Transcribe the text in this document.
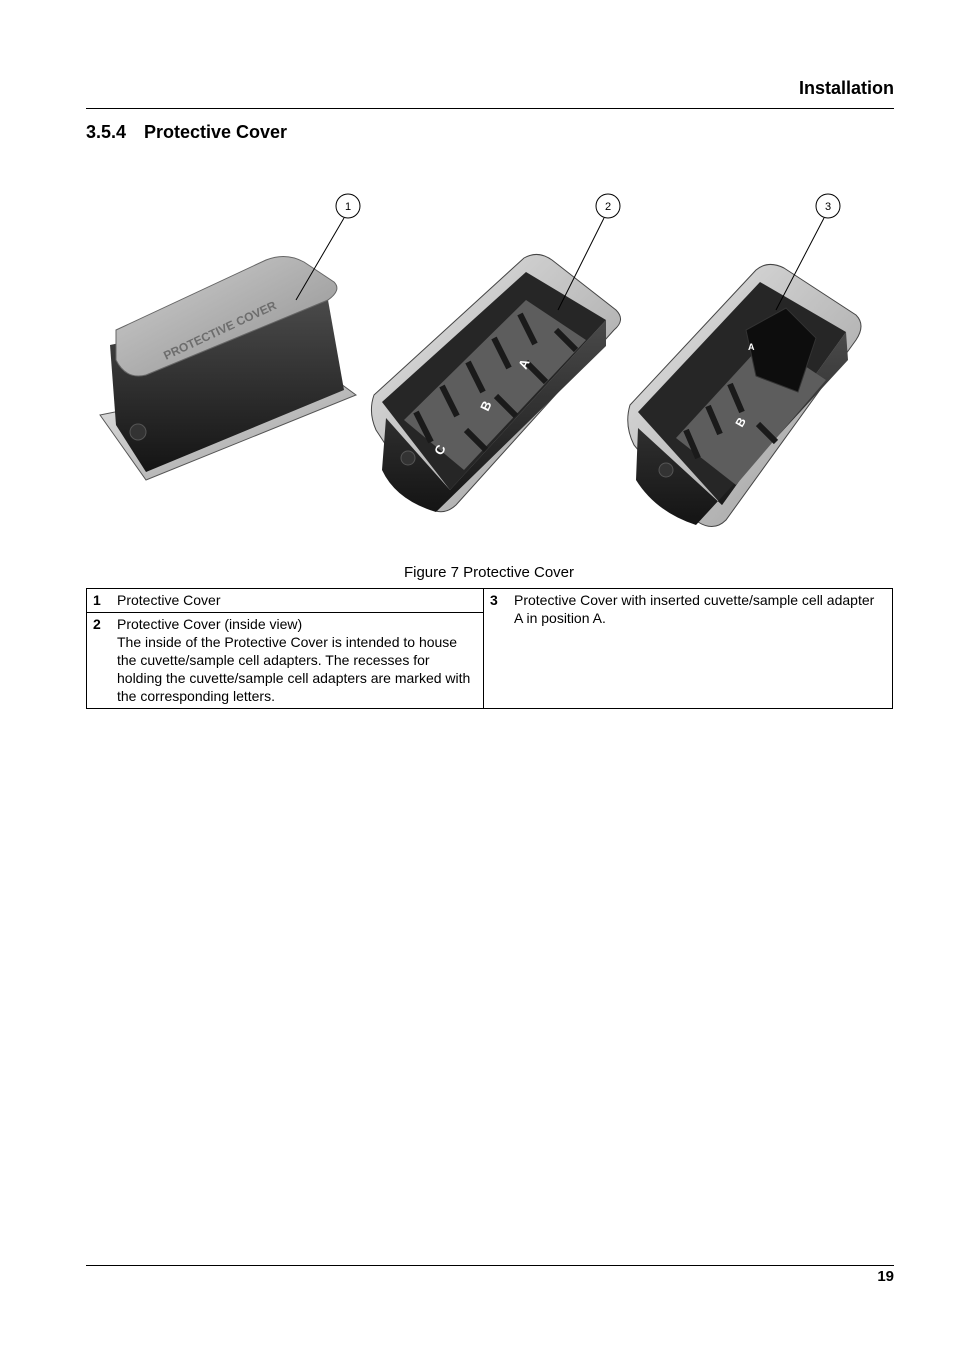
Installation
3.5.4 Protective Cover
PROTECTIVE COVER
A
B
C
B
A
1	2	3
Figure 7 Protective Cover
1	Protective Cover	3	Protective Cover with inserted cuvette/sample cell adapter A in position A.
2	Protective Cover (inside view)
The inside of the Protective Cover is intended to house the cuvette/sample cell adapters. The recesses for holding the cuvette/sample cell adapters are marked with the corresponding letters.		
19
